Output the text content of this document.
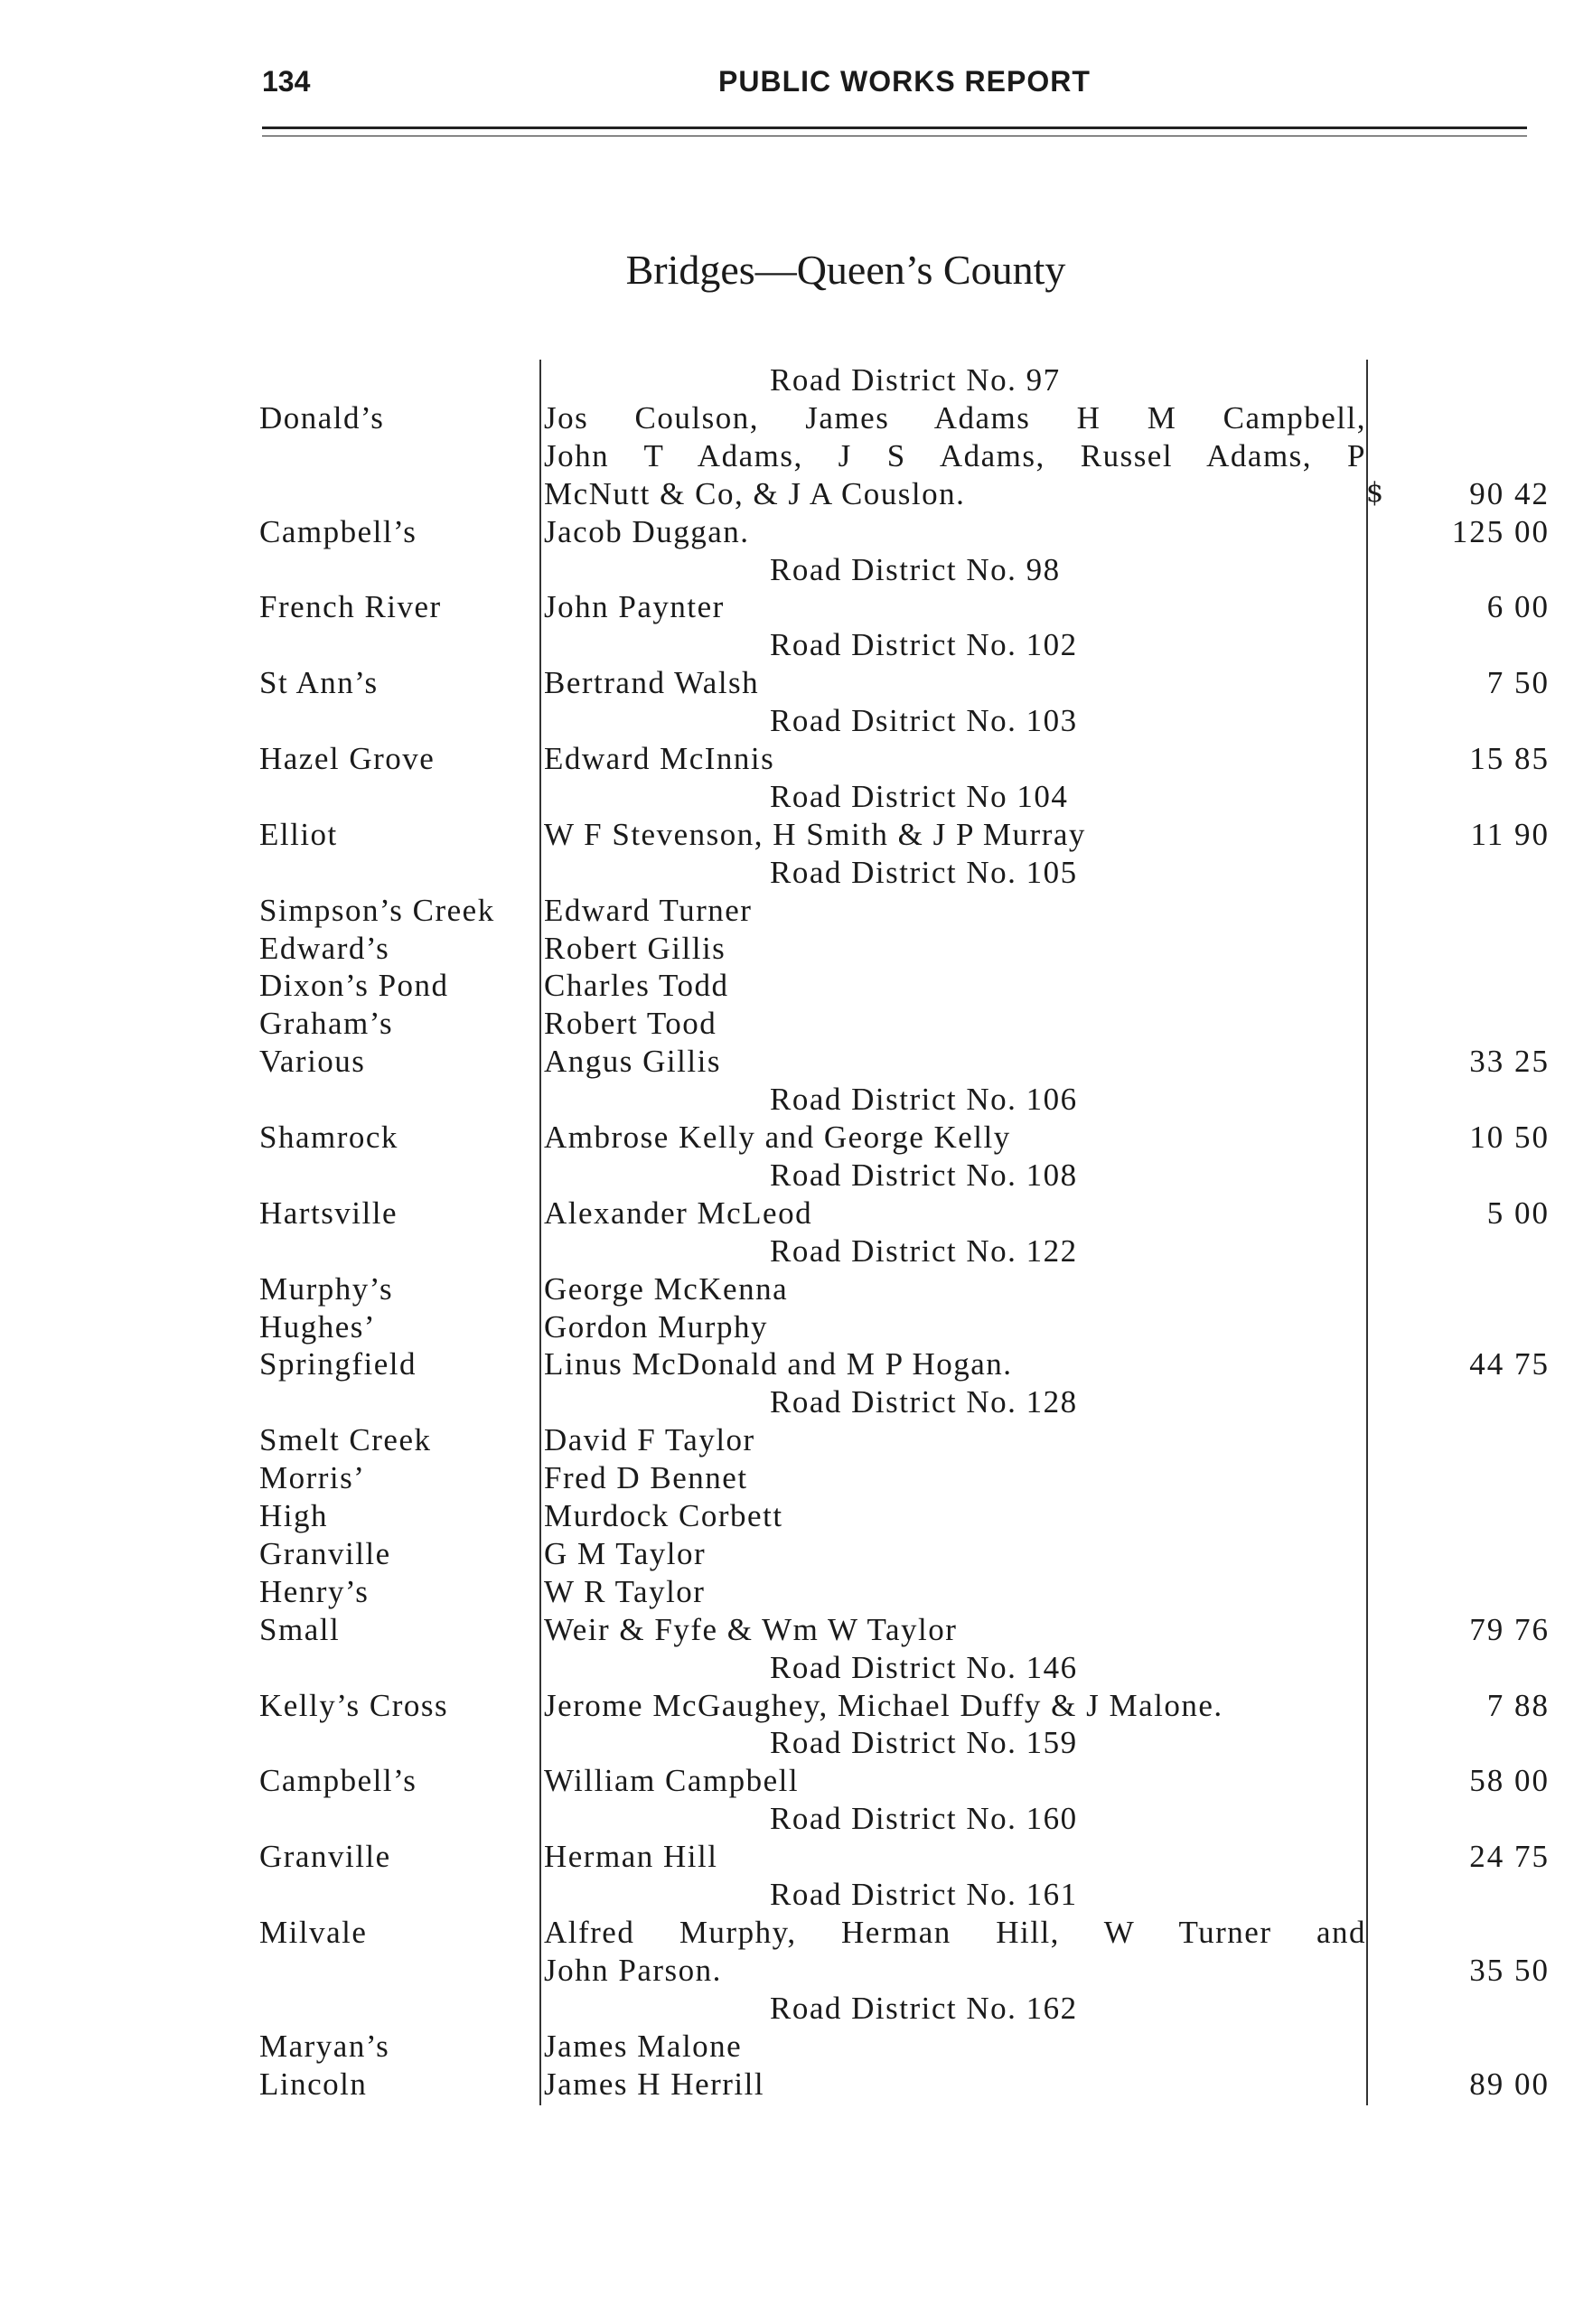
134	PUBLIC WORKS REPORT
Bridges—Queen’s County
$
Road District No. 97
Donald’s	Jos Coulson, James Adams H M Campbell,
John T Adams, J S Adams, Russel Adams, P
McNutt & Co, & J A Couslon.	90 42
Campbell’s	Jacob Duggan.	125 00
Road District No. 98
French River	John Paynter	6 00
Road District No. 102
St Ann’s	Bertrand Walsh	7 50
Road Dsitrict No. 103
Hazel Grove	Edward McInnis	15 85
Road District No 104
Elliot	W F Stevenson, H Smith & J P Murray	11 90
Road District No. 105
Simpson’s Creek Edward Turner
Edward’s	Robert Gillis
Dixon’s Pond	Charles Todd
Graham’s	Robert Tood
Various	Angus Gillis	33 25
Road District No. 106
Shamrock	Ambrose Kelly and George Kelly	10 50
Road District No. 108
Hartsville	Alexander McLeod	5 00
Road District No. 122
Murphy’s	George McKenna
Hughes’	Gordon Murphy
Springfield	Linus McDonald and M P Hogan.	44 75
Road District No. 128
Smelt Creek	David F Taylor
Morris’	Fred D Bennet
High	Murdock Corbett
Granville	G M Taylor
Henry’s	W R Taylor
Small	Weir & Fyfe & Wm W Taylor	79 76
Road District No. 146
Kelly’s Cross	Jerome McGaughey, Michael Duffy & J Malone.	7 88
Road District No. 159
Campbell’s	William Campbell	58 00
Road District No. 160
Granville	Herman Hill	24 75
Road District No. 161
Milvale	Alfred Murphy, Herman Hill, W Turner and
John Parson.	35 50
Road District No. 162
Maryan’s	James Malone
Lincoln	James H Herrill	89 00
